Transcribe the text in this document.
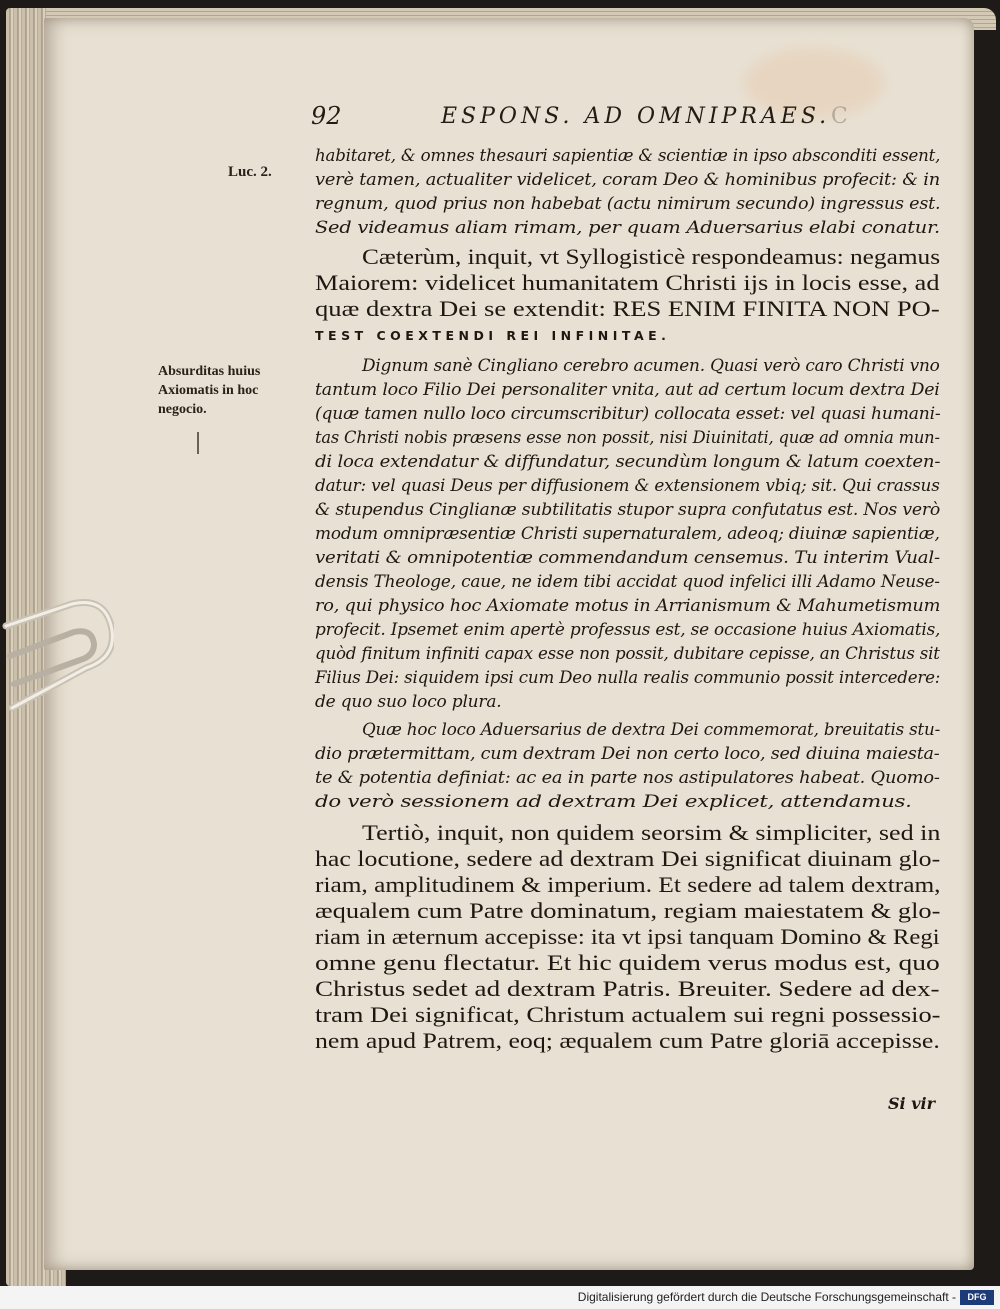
92	ESPONS. AD OMNIPRAES. C
Luc. 2.
Absurditas huius
Axiomatis in hoc
negocio.
habitaret, & omnes thesauri sapientiæ & scientiæ in ipso absconditi essent,
verè tamen, actualiter videlicet, coram Deo & hominibus profecit: & in
regnum, quod prius non habebat (actu nimirum secundo) ingressus est.
Sed videamus aliam rimam, per quam Aduersarius elabi conatur.
Cæterùm, inquit, vt Syllogisticè respondeamus: negamus
Maiorem: videlicet humanitatem Christi ijs in locis esse, ad
quæ dextra Dei se extendit: RES ENIM FINITA NON PO-
TEST COEXTENDI REI INFINITAE.
Dignum sanè Cingliano cerebro acumen. Quasi verò caro Christi vno
tantum loco Filio Dei personaliter vnita, aut ad certum locum dextra Dei
(quæ tamen nullo loco circumscribitur) collocata esset: vel quasi humani-
tas Christi nobis præsens esse non possit, nisi Diuinitati, quæ ad omnia mun-
di loca extendatur & diffundatur, secundùm longum & latum coexten-
datur: vel quasi Deus per diffusionem & extensionem vbiq; sit. Qui crassus
& stupendus Cinglianæ subtilitatis stupor supra confutatus est. Nos verò
modum omnipræsentiæ Christi supernaturalem, adeoq; diuinæ sapientiæ,
veritati & omnipotentiæ commendandum censemus. Tu interim Vual-
densis Theologe, caue, ne idem tibi accidat quod infelici illi Adamo Neuse-
ro, qui physico hoc Axiomate motus in Arrianismum & Mahumetismum
profecit. Ipsemet enim apertè professus est, se occasione huius Axiomatis,
quòd finitum infiniti capax esse non possit, dubitare cepisse, an Christus sit
Filius Dei: siquidem ipsi cum Deo nulla realis communio possit intercedere:
de quo suo loco plura.
Quæ hoc loco Aduersarius de dextra Dei commemorat, breuitatis stu-
dio prætermittam, cum dextram Dei non certo loco, sed diuina maiesta-
te & potentia definiat: ac ea in parte nos astipulatores habeat. Quomo-
do verò sessionem ad dextram Dei explicet, attendamus.
Tertiò, inquit, non quidem seorsim & simpliciter, sed in
hac locutione, sedere ad dextram Dei significat diuinam glo-
riam, amplitudinem & imperium. Et sedere ad talem dextram,
æqualem cum Patre dominatum, regiam maiestatem & glo-
riam in æternum accepisse: ita vt ipsi tanquam Domino & Regi
omne genu flectatur. Et hic quidem verus modus est, quo
Christus sedet ad dextram Patris. Breuiter. Sedere ad dex-
tram Dei significat, Christum actualem sui regni possessio-
nem apud Patrem, eoq; æqualem cum Patre gloriā accepisse.
Si vir
Digitalisierung gefördert durch die Deutsche Forschungsgemeinschaft -	DFG
